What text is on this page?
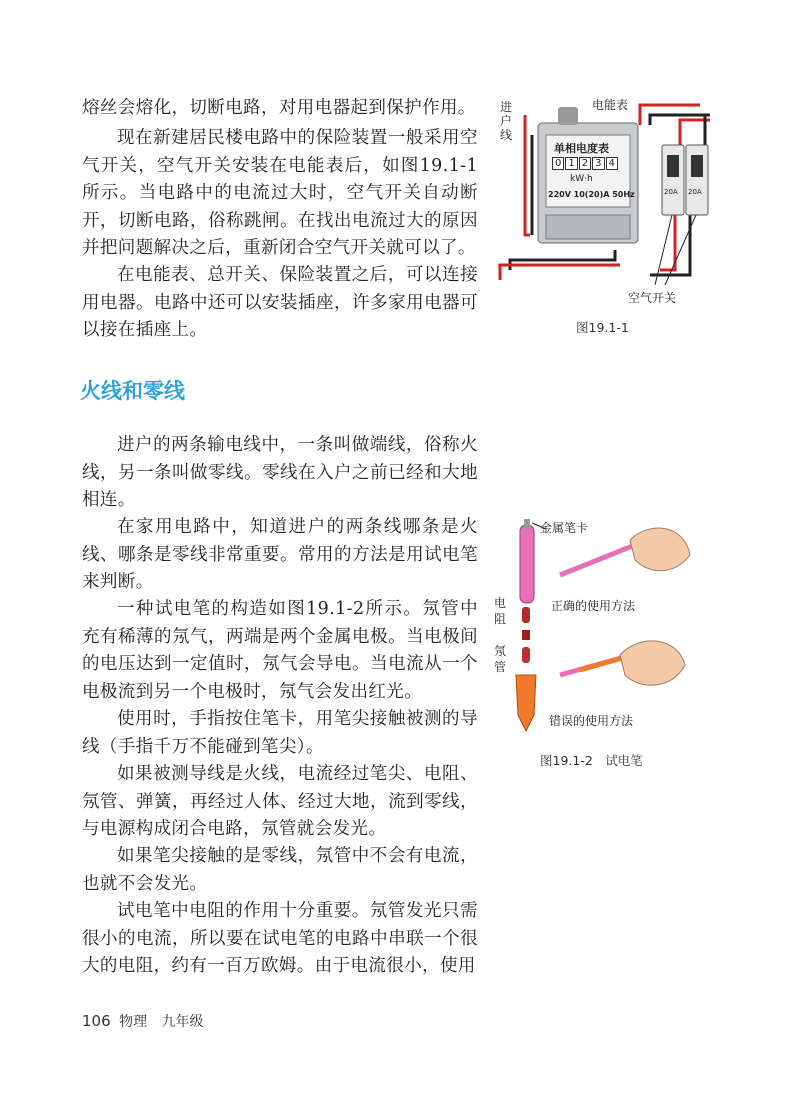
熔丝会熔化，切断电路，对用电器起到保护作用。

现在新建居民楼电路中的保险装置一般采用空气开关，空气开关安装在电能表后，如图19.1-1所示。当电路中的电流过大时，空气开关自动断开，切断电路，俗称跳闸。在找出电流过大的原因并把问题解决之后，重新闭合空气开关就可以了。

在电能表、总开关、保险装置之后，可以连接用电器。电路中还可以安装插座，许多家用电器可以接在插座上。

火线和零线

进户的两条输电线中，一条叫做端线，俗称火线，另一条叫做零线。零线在入户之前已经和大地相连。

在家用电路中，知道进户的两条线哪条是火线、哪条是零线非常重要。常用的方法是用试电笔来判断。

一种试电笔的构造如图19.1-2所示。氖管中充有稀薄的氖气，两端是两个金属电极。当电极间的电压达到一定值时，氖气会导电。当电流从一个电极流到另一个电极时，氖气会发出红光。

使用时，手指按住笔卡，用笔尖接触被测的导线（手指千万不能碰到笔尖）。

如果被测导线是火线，电流经过笔尖、电阻、氖管、弹簧，再经过人体、经过大地，流到零线，与电源构成闭合电路，氖管就会发光。

如果笔尖接触的是零线，氖管中不会有电流，也就不会发光。

试电笔中电阻的作用十分重要。氖管发光只需很小的电流，所以要在试电笔的电路中串联一个很大的电阻，约有一百万欧姆。由于电流很小，使用

进户线
电能表
单相电度表
0 1 2 3 4
kW·h
220V 10(20)A 50Hz	20A 20A
空气开关
图19.1-1
金属笔卡
正确的使用方法
电阻
氖管
错误的使用方法
图19.1-2　试电笔
106 物理 九年级
